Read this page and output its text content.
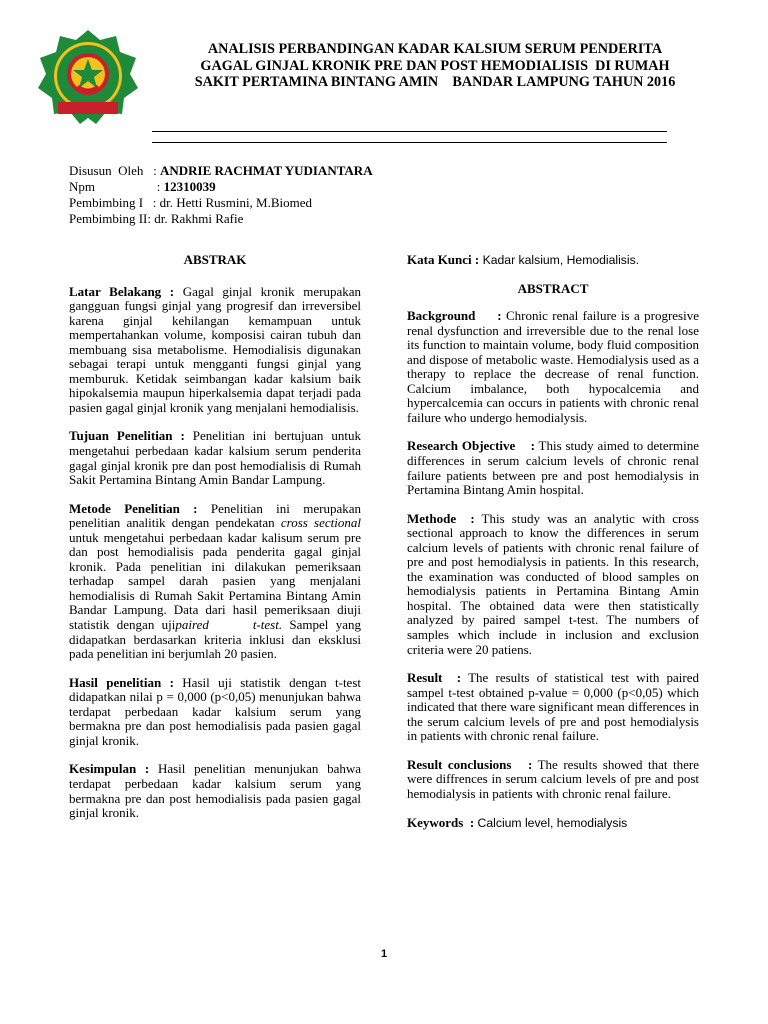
ANALISIS PERBANDINGAN KADAR KALSIUM SERUM PENDERITA
GAGAL GINJAL KRONIK PRE DAN POST HEMODIALISIS  DI RUMAH
SAKIT PERTAMINA BINTANG AMIN    BANDAR LAMPUNG TAHUN 2016
Disusun  Oleh   : ANDRIE RACHMAT YUDIANTARA
Npm                   : 12310039
Pembimbing I   : dr. Hetti Rusmini, M.Biomed
Pembimbing II: dr. Rakhmi Rafie
ABSTRAK

Latar Belakang : Gagal ginjal kronik merupakan gangguan fungsi ginjal yang progresif dan irreversibel karena ginjal kehilangan kemampuan untuk mempertahankan volume, komposisi cairan tubuh dan membuang sisa metabolisme. Hemodialisis digunakan sebagai terapi untuk mengganti fungsi ginjal yang memburuk. Ketidak seimbangan kadar kalsium baik hipokalsemia maupun hiperkalsemia dapat terjadi pada pasien gagal ginjal kronik yang menjalani hemodialisis.

Tujuan Penelitian : Penelitian ini bertujuan untuk mengetahui perbedaan kadar kalsium serum penderita gagal ginjal kronik pre dan post hemodialisis di Rumah Sakit Pertamina Bintang Amin Bandar Lampung.

Metode Penelitian : Penelitian ini merupakan penelitian analitik dengan pendekatan cross sectional untuk mengetahui perbedaan kadar kalisum serum pre dan post hemodialisis pada penderita gagal ginjal kronik. Pada penelitian ini dilakukan pemeriksaan terhadap sampel darah pasien yang menjalani hemodialisis di Rumah Sakit Pertamina Bintang Amin Bandar Lampung. Data dari hasil pemeriksaan diuji statistik dengan ujipaired      t-test. Sampel yang didapatkan berdasarkan kriteria inklusi dan eksklusi pada penelitian ini berjumlah 20 pasien.

Hasil penelitian : Hasil uji statistik dengan t-test didapatkan nilai p = 0,000 (p<0,05) menunjukan bahwa terdapat perbedaan kadar kalsium serum yang bermakna pre dan post hemodialisis pada pasien gagal ginjal kronik.

Kesimpulan : Hasil penelitian menunjukan bahwa terdapat perbedaan kadar kalsium serum yang bermakna pre dan post hemodialisis pada pasien gagal ginjal kronik.

Kata Kunci : Kadar kalsium, Hemodialisis.

ABSTRACT

Background     : Chronic renal failure is a progresive renal dysfunction and irreversible due to the renal lose its function to maintain volume, body fluid composition and dispose of metabolic waste. Hemodialysis used as a therapy to replace the decrease of renal function. Calcium imbalance, both hypocalcemia and hypercalcemia can occurs in patients with chronic renal failure who undergo hemodialysis.

Research Objective    : This study aimed to determine differences in serum calcium levels of chronic renal failure patients between pre and post hemodialysis in Pertamina Bintang Amin hospital.

Methode  : This study was an analytic with cross sectional approach to know the differences in serum calcium levels of patients with chronic renal failure of pre and post hemodialysis in patients. In this research, the examination was conducted of blood samples on hemodialysis patients in Pertamina Bintang Amin hospital. The obtained data were then statistically analyzed by paired sampel t-test. The numbers of samples which include in inclusion and exclusion criteria were 20 patiens.

Result  : The results of statistical test with paired sampel t-test obtained p-value = 0,000 (p<0,05) which indicated that there ware significant mean differences in the serum calcium levels of pre and post hemodialysis in patients with chronic renal failure.

Result conclusions   : The results showed that there were diffrences in serum calcium levels of pre and post hemodialysis in patients with chronic renal failure.

Keywords  : Calcium level, hemodialysis

1
